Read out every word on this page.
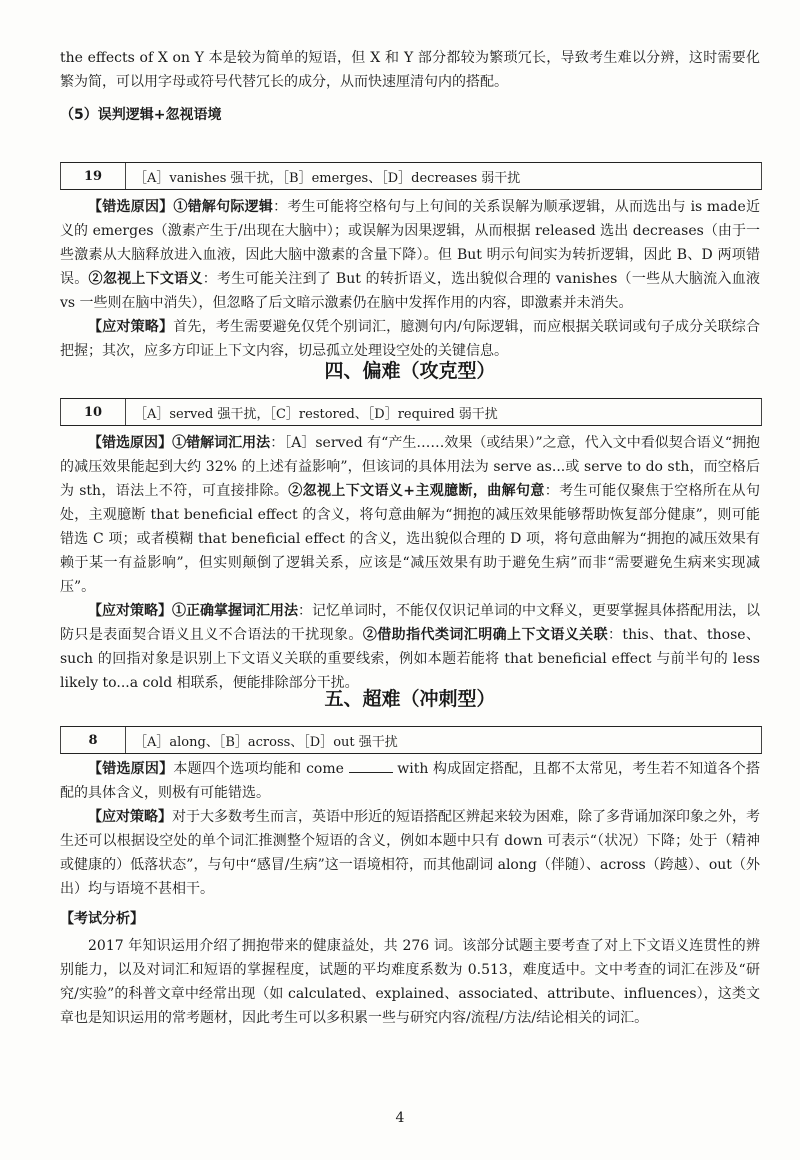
the effects of X on Y 本是较为简单的短语，但 X 和 Y 部分都较为繁琐冗长，导致考生难以分辨，这时需要化繁为简，可以用字母或符号代替冗长的成分，从而快速厘清句内的搭配。

（5）误判逻辑+忽视语境
19	［A］vanishes 强干扰，［B］emerges、［D］decreases 弱干扰

【错选原因】①错解句际逻辑：考生可能将空格句与上句间的关系误解为顺承逻辑，从而选出与 is made近义的 emerges（激素产生于/出现在大脑中）；或误解为因果逻辑，从而根据 released 选出 decreases（由于一些激素从大脑释放进入血液，因此大脑中激素的含量下降）。但 But 明示句间实为转折逻辑，因此 B、D 两项错误。②忽视上下文语义：考生可能关注到了 But 的转折语义，选出貌似合理的 vanishes（一些从大脑流入血液 vs 一些则在脑中消失），但忽略了后文暗示激素仍在脑中发挥作用的内容，即激素并未消失。

【应对策略】首先，考生需要避免仅凭个别词汇，臆测句内/句际逻辑，而应根据关联词或句子成分关联综合把握；其次，应多方印证上下文内容，切忌孤立处理设空处的关键信息。

四、偏难（攻克型）
10	［A］served 强干扰，［C］restored、［D］required 弱干扰

【错选原因】①错解词汇用法：［A］served 有“产生……效果（或结果）”之意，代入文中看似契合语义“拥抱的减压效果能起到大约 32% 的上述有益影响”，但该词的具体用法为 serve as...或 serve to do sth，而空格后为 sth，语法上不符，可直接排除。②忽视上下文语义+主观臆断，曲解句意：考生可能仅聚焦于空格所在从句处，主观臆断 that beneficial effect 的含义，将句意曲解为“拥抱的减压效果能够帮助恢复部分健康”，则可能错选 C 项；或者模糊 that beneficial effect 的含义，选出貌似合理的 D 项，将句意曲解为“拥抱的减压效果有赖于某一有益影响”，但实则颠倒了逻辑关系，应该是“减压效果有助于避免生病”而非“需要避免生病来实现减压”。

【应对策略】①正确掌握词汇用法：记忆单词时，不能仅仅识记单词的中文释义，更要掌握具体搭配用法，以防只是表面契合语义且义不合语法的干扰现象。②借助指代类词汇明确上下文语义关联：this、that、those、such 的回指对象是识别上下文语义关联的重要线索，例如本题若能将 that beneficial effect 与前半句的 less likely to...a cold 相联系，便能排除部分干扰。

五、超难（冲刺型）
8	［A］along、［B］across、［D］out 强干扰

【错选原因】本题四个选项均能和 come	with 构成固定搭配，且都不太常见，考生若不知道各个搭配的具体含义，则极有可能错选。

【应对策略】对于大多数考生而言，英语中形近的短语搭配区辨起来较为困难，除了多背诵加深印象之外，考生还可以根据设空处的单个词汇推测整个短语的含义，例如本题中只有 down 可表示“（状况）下降；处于（精神或健康的）低落状态”，与句中“感冒/生病”这一语境相符，而其他副词 along（伴随）、across（跨越）、out（外出）均与语境不甚相干。

【考试分析】

2017 年知识运用介绍了拥抱带来的健康益处，共 276 词。该部分试题主要考查了对上下文语义连贯性的辨别能力，以及对词汇和短语的掌握程度，试题的平均难度系数为 0.513，难度适中。文中考查的词汇在涉及“研究/实验”的科普文章中经常出现（如 calculated、explained、associated、attribute、influences），这类文章也是知识运用的常考题材，因此考生可以多积累一些与研究内容/流程/方法/结论相关的词汇。

4
